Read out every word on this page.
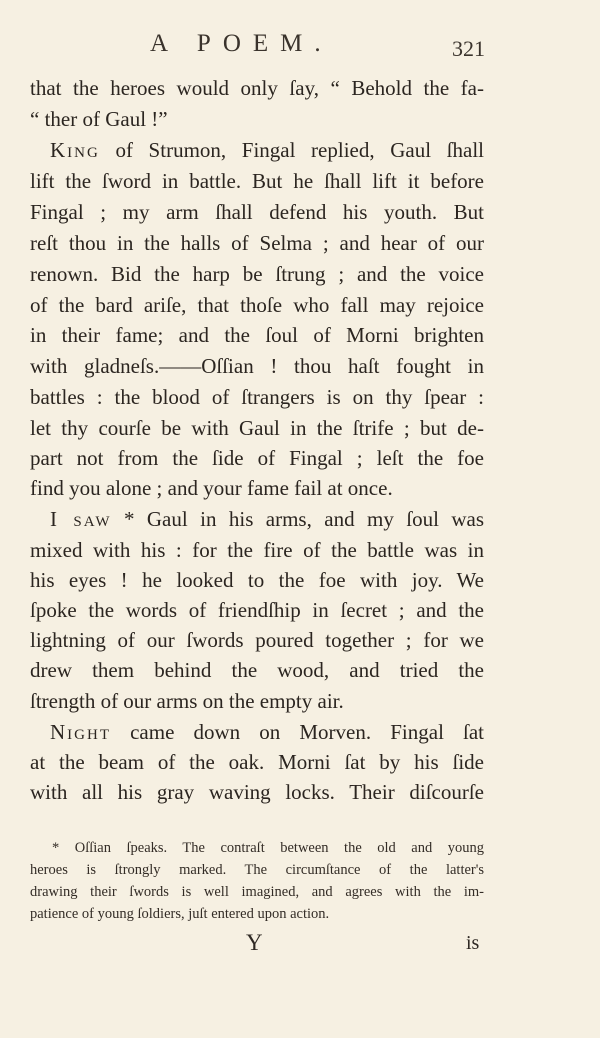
A POEM.	321
that the heroes would only ſay, “ Behold the fa-
“ ther of Gaul !”
King of Strumon, Fingal replied, Gaul ſhall
lift the ſword in battle. But he ſhall lift it before
Fingal ; my arm ſhall defend his youth. But
reſt thou in the halls of Selma ; and hear of our
renown. Bid the harp be ſtrung ; and the voice
of the bard ariſe, that thoſe who fall may rejoice
in their fame; and the ſoul of Morni brighten
with gladneſs.——Oſſian ! thou haſt fought in
battles : the blood of ſtrangers is on thy ſpear :
let thy courſe be with Gaul in the ſtrife ; but de-
part not from the ſide of Fingal ; leſt the foe
find you alone ; and your fame fail at once.
I saw * Gaul in his arms, and my ſoul was
mixed with his : for the fire of the battle was in
his eyes ! he looked to the foe with joy. We
ſpoke the words of friendſhip in ſecret ; and the
lightning of our ſwords poured together ; for we
drew them behind the wood, and tried the
ſtrength of our arms on the empty air.
Night came down on Morven. Fingal ſat
at the beam of the oak. Morni ſat by his ſide
with all his gray waving locks. Their diſcourſe
* Oſſian ſpeaks. The contraſt between the old and young
heroes is ſtrongly marked. The circumſtance of the latter's
drawing their ſwords is well imagined, and agrees with the im-
patience of young ſoldiers, juſt entered upon action.
Y	is
